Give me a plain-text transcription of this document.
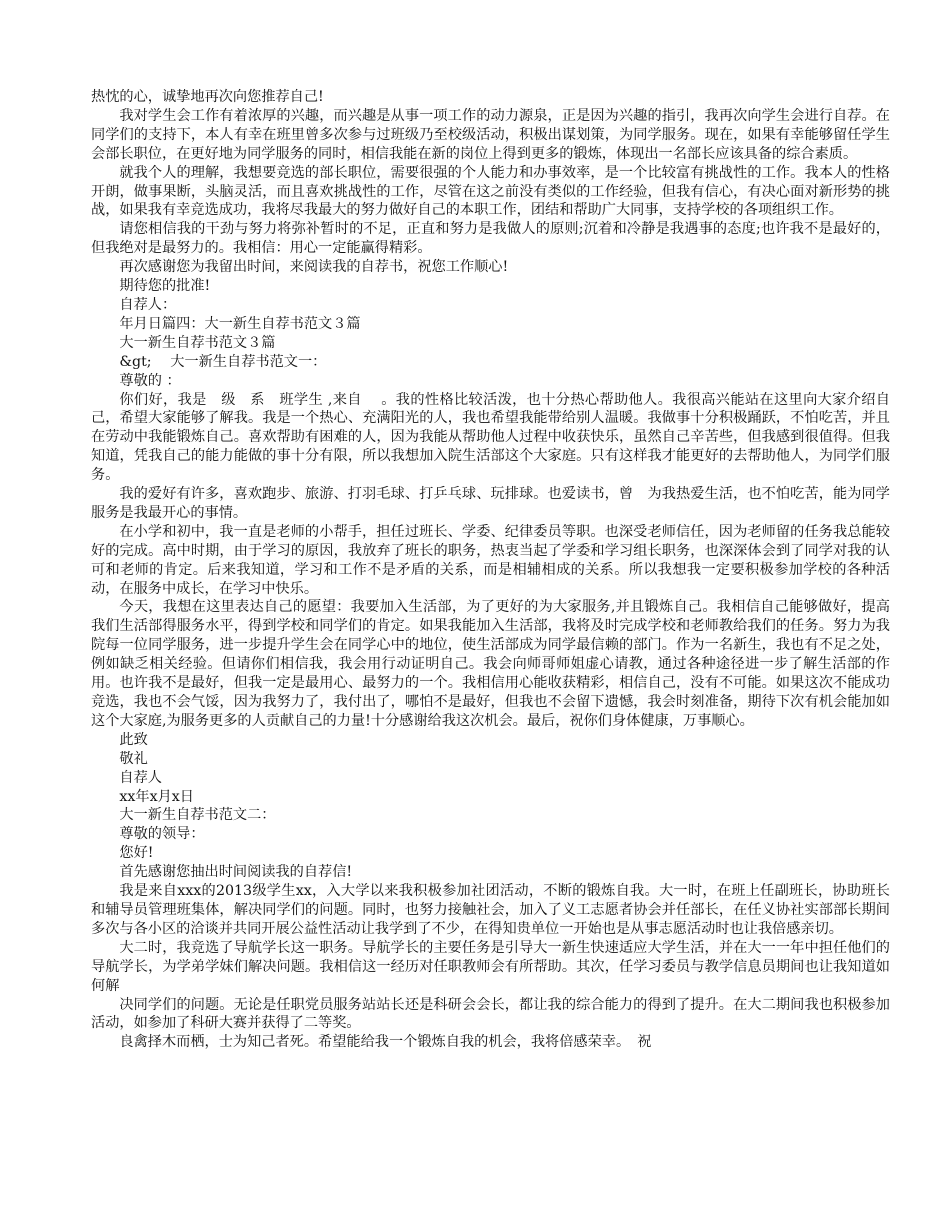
热忱的心，诚挚地再次向您推荐自己!

我对学生会工作有着浓厚的兴趣，而兴趣是从事一项工作的动力源泉，正是因为兴趣的指引，我再次向学生会进行自荐。在同学们的支持下，本人有幸在班里曾多次参与过班级乃至校级活动，积极出谋划策，为同学服务。现在，如果有幸能够留任学生会部长职位，在更好地为同学服务的同时，相信我能在新的岗位上得到更多的锻炼，体现出一名部长应该具备的综合素质。

就我个人的理解，我想要竞选的部长职位，需要很强的个人能力和办事效率，是一个比较富有挑战性的工作。我本人的性格开朗，做事果断，头脑灵活，而且喜欢挑战性的工作，尽管在这之前没有类似的工作经验，但我有信心，有决心面对新形势的挑战，如果我有幸竞选成功，我将尽我最大的努力做好自己的本职工作，团结和帮助广大同事，支持学校的各项组织工作。

请您相信我的干劲与努力将弥补暂时的不足，正直和努力是我做人的原则;沉着和冷静是我遇事的态度;也许我不是最好的，但我绝对是最努力的。我相信：用心一定能赢得精彩。

再次感谢您为我留出时间，来阅读我的自荐书，祝您工作顺心!

期待您的批准!

自荐人：

年月日篇四：大一新生自荐书范文３篇

大一新生自荐书范文３篇

&gt;　 大一新生自荐书范文一：

尊敬的 ：

你们好，我是　级　系　班学生 ,来自　 。我的性格比较活泼，也十分热心帮助他人。我很高兴能站在这里向大家介绍自己，希望大家能够了解我。我是一个热心、充满阳光的人，我也希望我能带给别人温暖。我做事十分积极踊跃，不怕吃苦，并且在劳动中我能锻炼自己。喜欢帮助有困难的人，因为我能从帮助他人过程中收获快乐，虽然自己辛苦些，但我感到很值得。但我知道，凭我自己的能力能做的事十分有限，所以我想加入院生活部这个大家庭。只有这样我才能更好的去帮助他人，为同学们服务。

我的爱好有许多，喜欢跑步、旅游、打羽毛球、打乒乓球、玩排球。也爱读书，曾　为我热爱生活，也不怕吃苦，能为同学服务是我最开心的事情。

在小学和初中，我一直是老师的小帮手，担任过班长、学委、纪律委员等职。也深受老师信任，因为老师留的任务我总能较好的完成。高中时期，由于学习的原因，我放弃了班长的职务，热衷当起了学委和学习组长职务，也深深体会到了同学对我的认可和老师的肯定。后来我知道，学习和工作不是矛盾的关系，而是相辅相成的关系。所以我想我一定要积极参加学校的各种活动，在服务中成长，在学习中快乐。

今天，我想在这里表达自己的愿望：我要加入生活部，为了更好的为大家服务,并且锻炼自己。我相信自己能够做好，提高我们生活部得服务水平，得到学校和同学们的肯定。如果我能加入生活部，我将及时完成学校和老师教给我们的任务。努力为我院每一位同学服务，进一步提升学生会在同学心中的地位，使生活部成为同学最信赖的部门。作为一名新生，我也有不足之处，例如缺乏相关经验。但请你们相信我，我会用行动证明自己。我会向师哥师姐虚心请教，通过各种途径进一步了解生活部的作用。也许我不是最好，但我一定是最用心、最努力的一个。我相信用心能收获精彩，相信自己，没有不可能。如果这次不能成功竞选，我也不会气馁，因为我努力了，我付出了，哪怕不是最好，但我也不会留下遗憾，我会时刻准备，期待下次有机会能加如这个大家庭,为服务更多的人贡献自己的力量!十分感谢给我这次机会。最后，祝你们身体健康，万事顺心。

此致

敬礼

自荐人

xx年x月x日

大一新生自荐书范文二：

尊敬的领导：

您好!

首先感谢您抽出时间阅读我的自荐信!

我是来自xxx的2013级学生xx，入大学以来我积极参加社团活动，不断的锻炼自我。大一时，在班上任副班长，协助班长和辅导员管理班集体，解决同学们的问题。同时，也努力接触社会，加入了义工志愿者协会并任部长，在任义协社实部部长期间多次与各小区的洽谈并共同开展公益性活动让我学到了不少，在得知贵单位一开始也是从事志愿活动时也让我倍感亲切。

大二时，我竞选了导航学长这一职务。导航学长的主要任务是引导大一新生快速适应大学生活，并在大一一年中担任他们的导航学长，为学弟学妹们解决问题。我相信这一经历对任职教师会有所帮助。其次，任学习委员与教学信息员期间也让我知道如何解

决同学们的问题。无论是任职党员服务站站长还是科研会会长，都让我的综合能力的得到了提升。在大二期间我也积极参加活动，如参加了科研大赛并获得了二等奖。

良禽择木而栖，士为知己者死。希望能给我一个锻炼自我的机会，我将倍感荣幸。　祝
